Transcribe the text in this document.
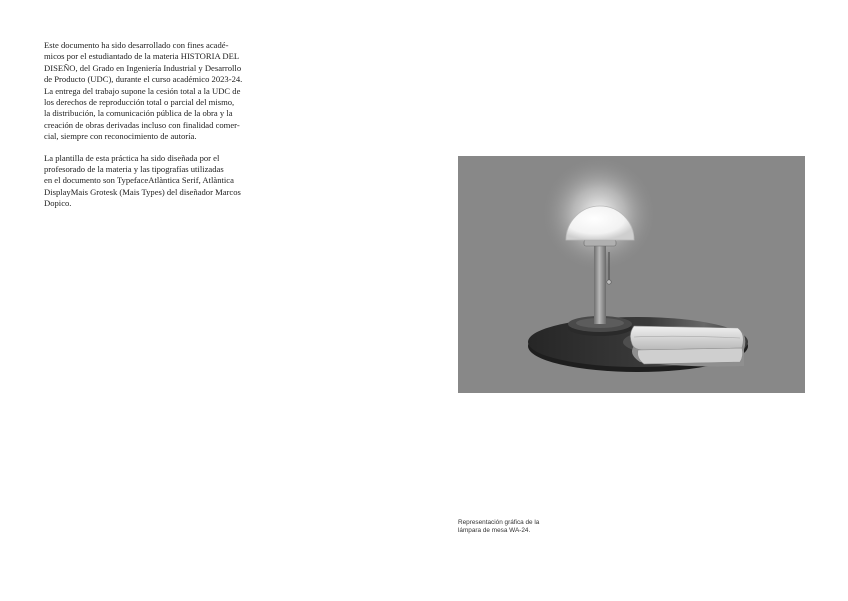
Este documento ha sido desarrollado con fines acadé-
micos por el estudiantado de la materia HISTORIA DEL
DISEÑO, del Grado en Ingeniería Industrial y Desarrollo
de Producto (UDC), durante el curso académico 2023-24.
La entrega del trabajo supone la cesión total a la UDC de
los derechos de reproducción total o parcial del mismo,
la distribución, la comunicación pública de la obra y la
creación de obras derivadas incluso con finalidad comer-
cial, siempre con reconocimiento de autoría.

La plantilla de esta práctica ha sido diseñada por el
profesorado de la materia y las tipografías utilizadas
en el documento son TypefaceAtlàntica Serif, Atlàntica
DisplayMais Grotesk (Mais Types) del diseñador Marcos
Dopico.

Representación gráfica de la
lámpara de mesa WA-24.
